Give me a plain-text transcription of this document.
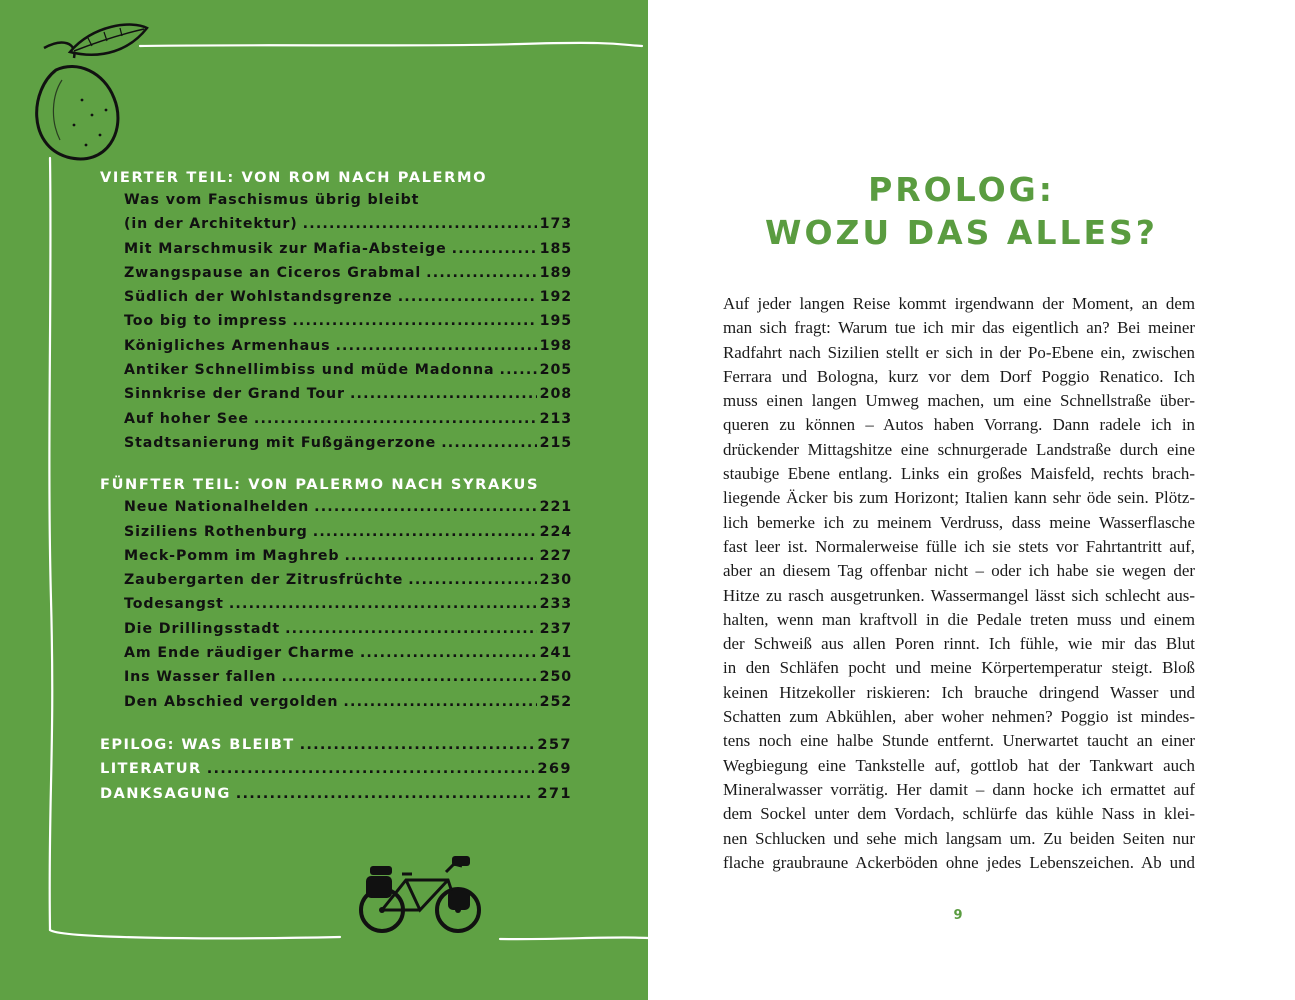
VIERTER TEIL: VON ROM NACH PALERMO
Was vom Faschismus übrig bleibt
(in der Architektur) .....	173
Mit Marschmusik zur Mafia-Absteige .....	185
Zwangspause an Ciceros Grabmal .....	189
Südlich der Wohlstandsgrenze .....	192
Too big to impress .....	195
Königliches Armenhaus .....	198
Antiker Schnellimbiss und müde Madonna .....	205
Sinnkrise der Grand Tour .....	208
Auf hoher See .....	213
Stadtsanierung mit Fußgängerzone .....	215
FÜNFTER TEIL: VON PALERMO NACH SYRAKUS
Neue Nationalhelden .....	221
Siziliens Rothenburg .....	224
Meck-Pomm im Maghreb .....	227
Zaubergarten der Zitrusfrüchte .....	230
Todesangst .....	233
Die Drillingsstadt .....	237
Am Ende räudiger Charme .....	241
Ins Wasser fallen .....	250
Den Abschied vergolden .....	252
EPILOG: WAS BLEIBT .....	257
LITERATUR .....	269
DANKSAGUNG .....	271
PROLOG:
WOZU DAS ALLES?
Auf jeder langen Reise kommt irgendwann der Moment, an dem
man sich fragt: Warum tue ich mir das eigentlich an? Bei meiner
Radfahrt nach Sizilien stellt er sich in der Po-Ebene ein, zwischen
Ferrara und Bologna, kurz vor dem Dorf Poggio Renatico. Ich
muss einen langen Umweg machen, um eine Schnellstraße über-
queren zu können – Autos haben Vorrang. Dann radele ich in
drückender Mittagshitze eine schnurgerade Landstraße durch eine
staubige Ebene entlang. Links ein großes Maisfeld, rechts brach-
liegende Äcker bis zum Horizont; Italien kann sehr öde sein. Plötz-
lich bemerke ich zu meinem Verdruss, dass meine Wasserflasche
fast leer ist. Normalerweise fülle ich sie stets vor Fahrtantritt auf,
aber an diesem Tag offenbar nicht – oder ich habe sie wegen der
Hitze zu rasch ausgetrunken. Wassermangel lässt sich schlecht aus-
halten, wenn man kraftvoll in die Pedale treten muss und einem
der Schweiß aus allen Poren rinnt. Ich fühle, wie mir das Blut
in den Schläfen pocht und meine Körpertemperatur steigt. Bloß
keinen Hitzekoller riskieren: Ich brauche dringend Wasser und
Schatten zum Abkühlen, aber woher nehmen? Poggio ist mindes-
tens noch eine halbe Stunde entfernt. Unerwartet taucht an einer
Wegbiegung eine Tankstelle auf, gottlob hat der Tankwart auch
Mineralwasser vorrätig. Her damit – dann hocke ich ermattet auf
dem Sockel unter dem Vordach, schlürfe das kühle Nass in klei-
nen Schlucken und sehe mich langsam um. Zu beiden Seiten nur
flache graubraune Ackerböden ohne jedes Lebenszeichen. Ab und
9
